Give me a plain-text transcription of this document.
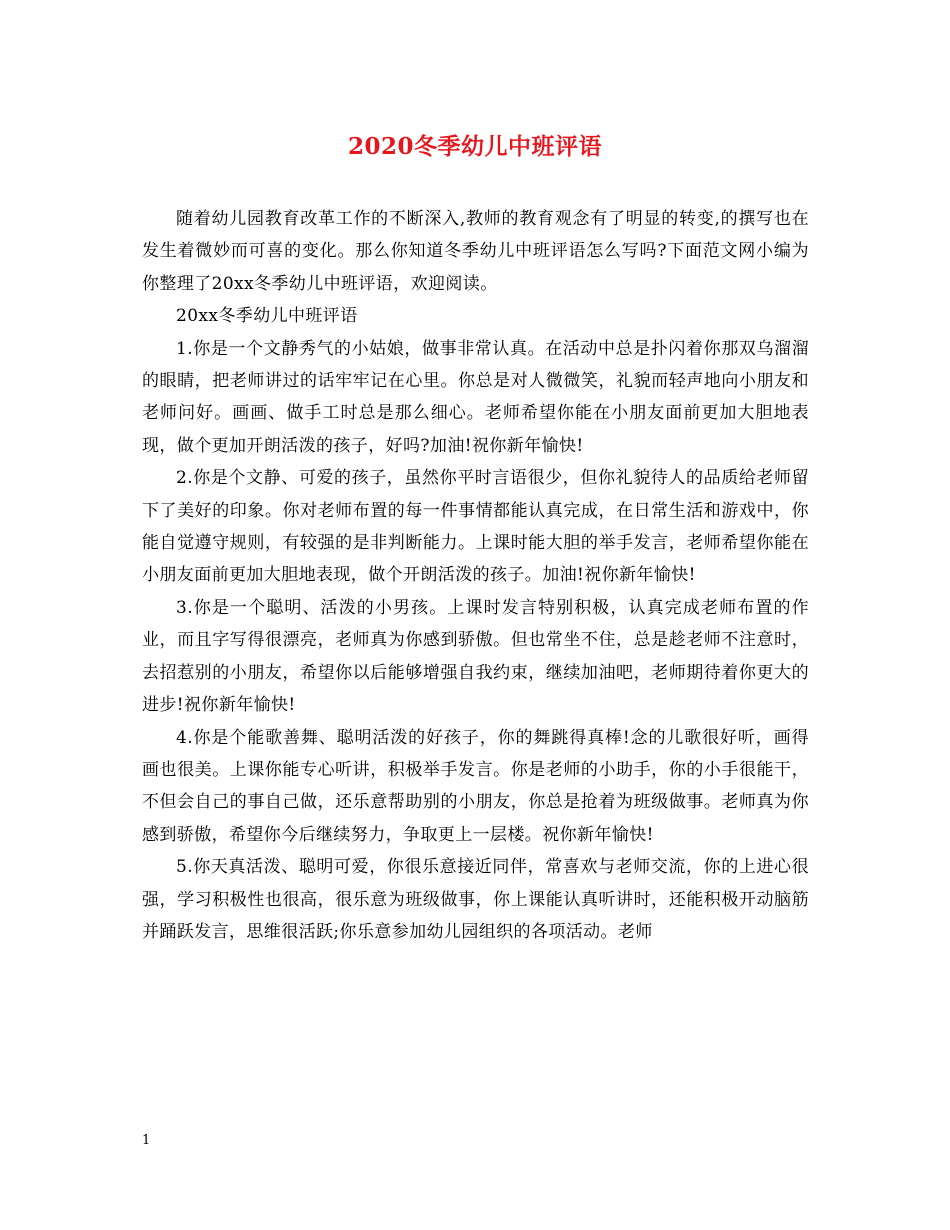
2020冬季幼儿中班评语

随着幼儿园教育改革工作的不断深入,教师的教育观念有了明显的转变,的撰写也在发生着微妙而可喜的变化。那么你知道冬季幼儿中班评语怎么写吗?下面范文网小编为你整理了20xx冬季幼儿中班评语，欢迎阅读。

20xx冬季幼儿中班评语

1.你是一个文静秀气的小姑娘，做事非常认真。在活动中总是扑闪着你那双乌溜溜的眼睛，把老师讲过的话牢牢记在心里。你总是对人微微笑，礼貌而轻声地向小朋友和老师问好。画画、做手工时总是那么细心。老师希望你能在小朋友面前更加大胆地表现，做个更加开朗活泼的孩子，好吗?加油!祝你新年愉快!

2.你是个文静、可爱的孩子，虽然你平时言语很少，但你礼貌待人的品质给老师留下了美好的印象。你对老师布置的每一件事情都能认真完成，在日常生活和游戏中，你能自觉遵守规则，有较强的是非判断能力。上课时能大胆的举手发言，老师希望你能在小朋友面前更加大胆地表现，做个开朗活泼的孩子。加油!祝你新年愉快!

3.你是一个聪明、活泼的小男孩。上课时发言特别积极，认真完成老师布置的作业，而且字写得很漂亮，老师真为你感到骄傲。但也常坐不住，总是趁老师不注意时，去招惹别的小朋友，希望你以后能够增强自我约束，继续加油吧，老师期待着你更大的进步!祝你新年愉快!

4.你是个能歌善舞、聪明活泼的好孩子，你的舞跳得真棒!念的儿歌很好听，画得画也很美。上课你能专心听讲，积极举手发言。你是老师的小助手，你的小手很能干，不但会自己的事自己做，还乐意帮助别的小朋友，你总是抢着为班级做事。老师真为你感到骄傲，希望你今后继续努力，争取更上一层楼。祝你新年愉快!

5.你天真活泼、聪明可爱，你很乐意接近同伴，常喜欢与老师交流，你的上进心很强，学习积极性也很高，很乐意为班级做事，你上课能认真听讲时，还能积极开动脑筋并踊跃发言，思维很活跃;你乐意参加幼儿园组织的各项活动。老师

1
